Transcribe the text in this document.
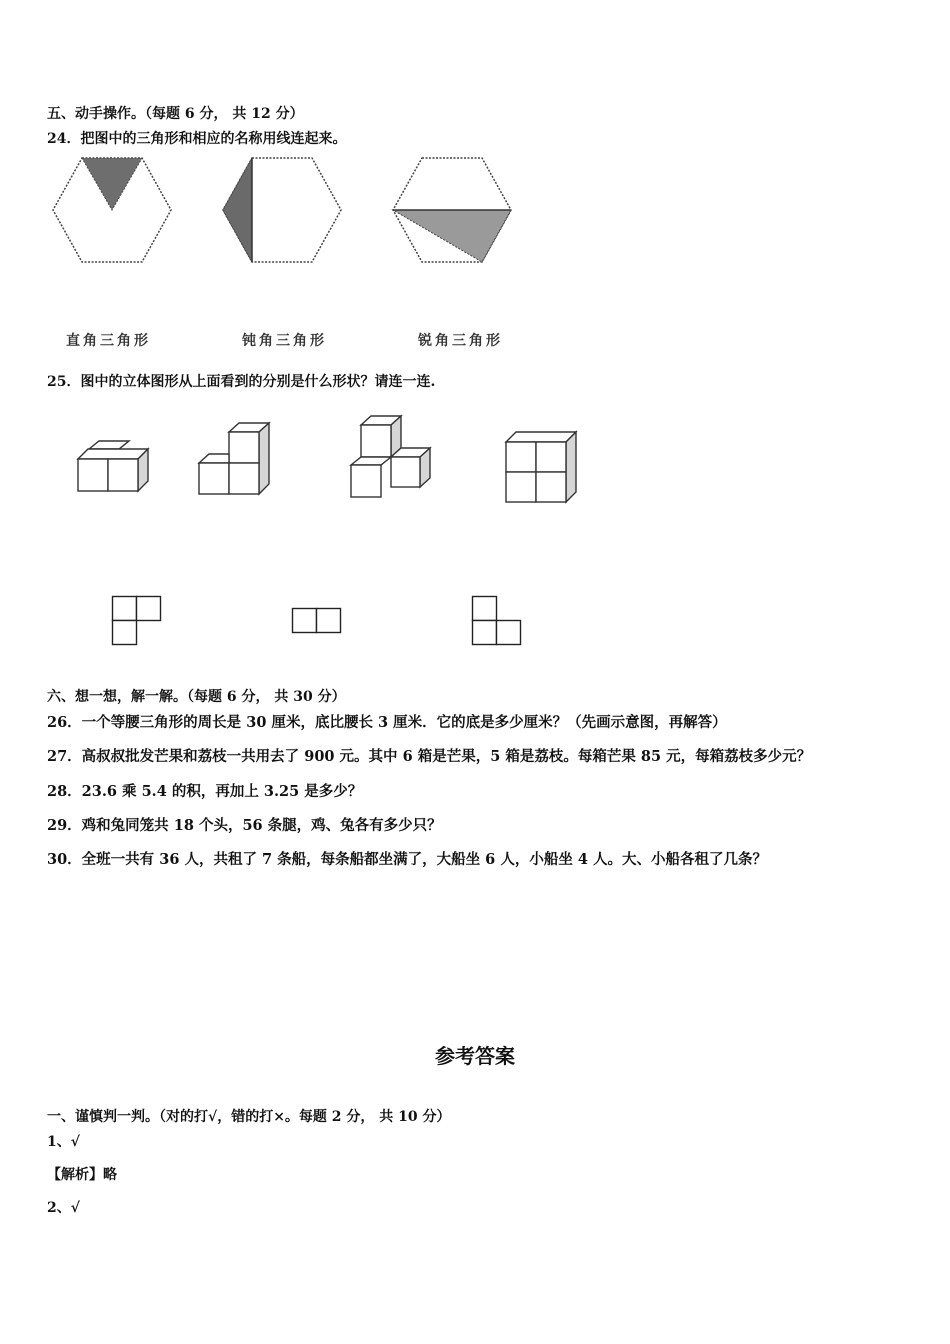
五、动手操作。（每题 6 分， 共 12 分）
24．把图中的三角形和相应的名称用线连起来。
直角三角形	钝角三角形	锐角三角形
25．图中的立体图形从上面看到的分别是什么形状？请连一连.
六、想一想，解一解。（每题 6 分， 共 30 分）
26．一个等腰三角形的周长是 30 厘米，底比腰长 3 厘米．它的底是多少厘米？（先画示意图，再解答）
27．高叔叔批发芒果和荔枝一共用去了 900 元。其中 6 箱是芒果，5 箱是荔枝。每箱芒果 85 元，每箱荔枝多少元？
28．23.6 乘 5.4 的积，再加上 3.25 是多少？
29．鸡和兔同笼共 18 个头，56 条腿，鸡、兔各有多少只？
30．全班一共有 36 人，共租了 7 条船，每条船都坐满了，大船坐 6 人，小船坐 4 人。大、小船各租了几条？
参考答案
一、谨慎判一判。（对的打√，错的打×。每题 2 分， 共 10 分）
1、√
【解析】略
2、√
